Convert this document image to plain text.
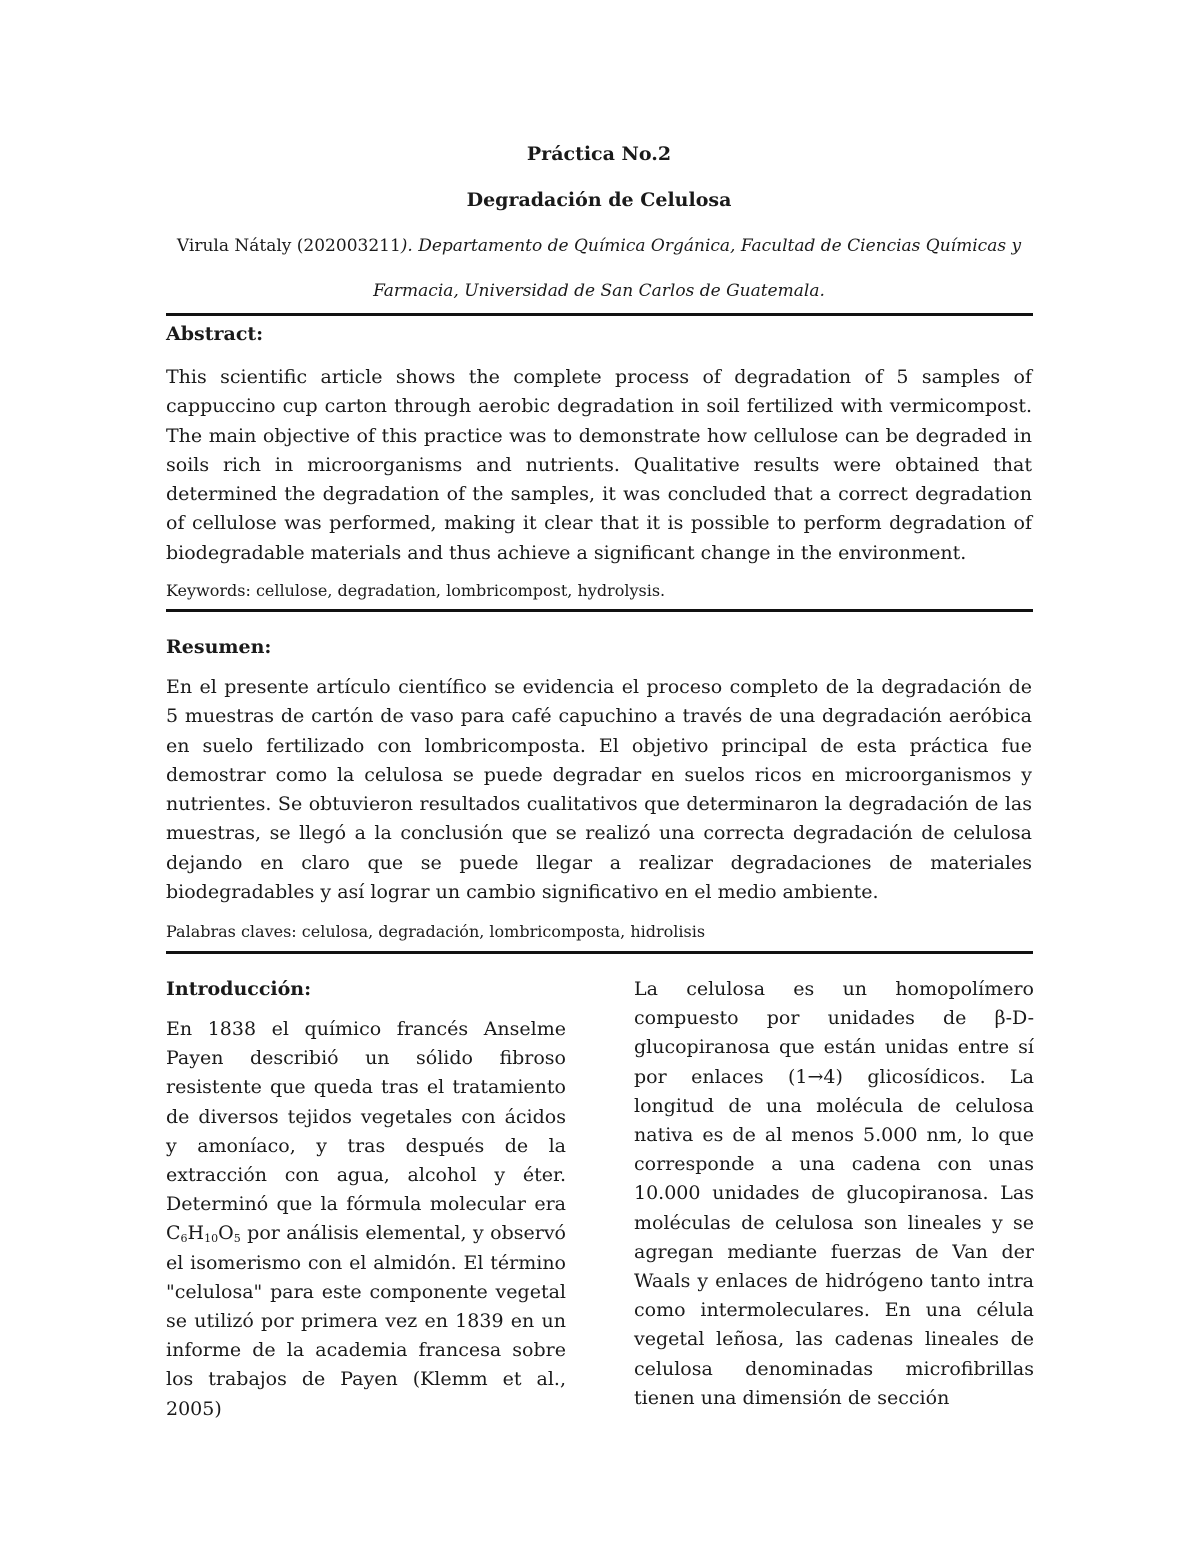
Práctica No.2

Degradación de Celulosa

Virula Nátaly (202003211). Departamento de Química Orgánica, Facultad de Ciencias Químicas y
Farmacia, Universidad de San Carlos de Guatemala.

Abstract:

This scientific article shows the complete process of degradation of 5 samples of cappuccino cup carton through aerobic degradation in soil fertilized with vermicompost. The main objective of this practice was to demonstrate how cellulose can be degraded in soils rich in microorganisms and nutrients. Qualitative results were obtained that determined the degradation of the samples, it was concluded that a correct degradation of cellulose was performed, making it clear that it is possible to perform degradation of biodegradable materials and thus achieve a significant change in the environment.

Keywords: cellulose, degradation, lombricompost, hydrolysis.

Resumen:

En el presente artículo científico se evidencia el proceso completo de la degradación de 5 muestras de cartón de vaso para café capuchino a través de una degradación aeróbica en suelo fertilizado con lombricomposta. El objetivo principal de esta práctica fue demostrar como la celulosa se puede degradar en suelos ricos en microorganismos y nutrientes. Se obtuvieron resultados cualitativos que determinaron la degradación de las muestras, se llegó a la conclusión que se realizó una correcta degradación de celulosa dejando en claro que se puede llegar a realizar degradaciones de materiales biodegradables y así lograr un cambio significativo en el medio ambiente.

Palabras claves: celulosa, degradación, lombricomposta, hidrolisis

Introducción:

En 1838 el químico francés Anselme Payen describió un sólido fibroso resistente que queda tras el tratamiento de diversos tejidos vegetales con ácidos y amoníaco, y tras después de la extracción con agua, alcohol y éter. Determinó que la fórmula molecular era $C_6H_{10}O_5$ por análisis elemental, y observó el isomerismo con el almidón. El término "celulosa" para este componente vegetal se utilizó por primera vez en 1839 en un informe de la academia francesa sobre los trabajos de Payen (Klemm et al., 2005)

La celulosa es un homopolímero compuesto por unidades de β-D-glucopiranosa que están unidas entre sí por enlaces (1→4) glicosídicos. La longitud de una molécula de celulosa nativa es de al menos 5.000 nm, lo que corresponde a una cadena con unas 10.000 unidades de glucopiranosa. Las moléculas de celulosa son lineales y se agregan mediante fuerzas de Van der Waals y enlaces de hidrógeno tanto intra como intermoleculares. En una célula vegetal leñosa, las cadenas lineales de celulosa denominadas microfibrillas tienen una dimensión de sección
